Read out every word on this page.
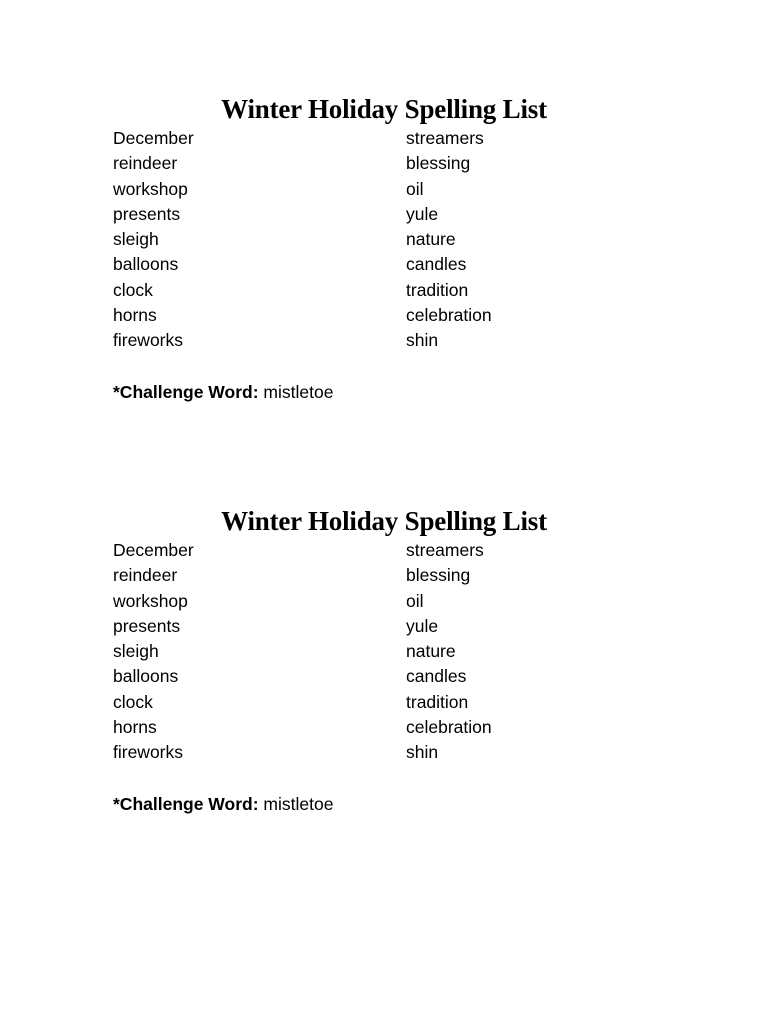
Winter Holiday Spelling List
December
reindeer
workshop
presents
sleigh
balloons
clock
horns
fireworks
streamers
blessing
oil
yule
nature
candles
tradition
celebration
shin
*Challenge Word: mistletoe
Winter Holiday Spelling List
December
reindeer
workshop
presents
sleigh
balloons
clock
horns
fireworks
streamers
blessing
oil
yule
nature
candles
tradition
celebration
shin
*Challenge Word: mistletoe
